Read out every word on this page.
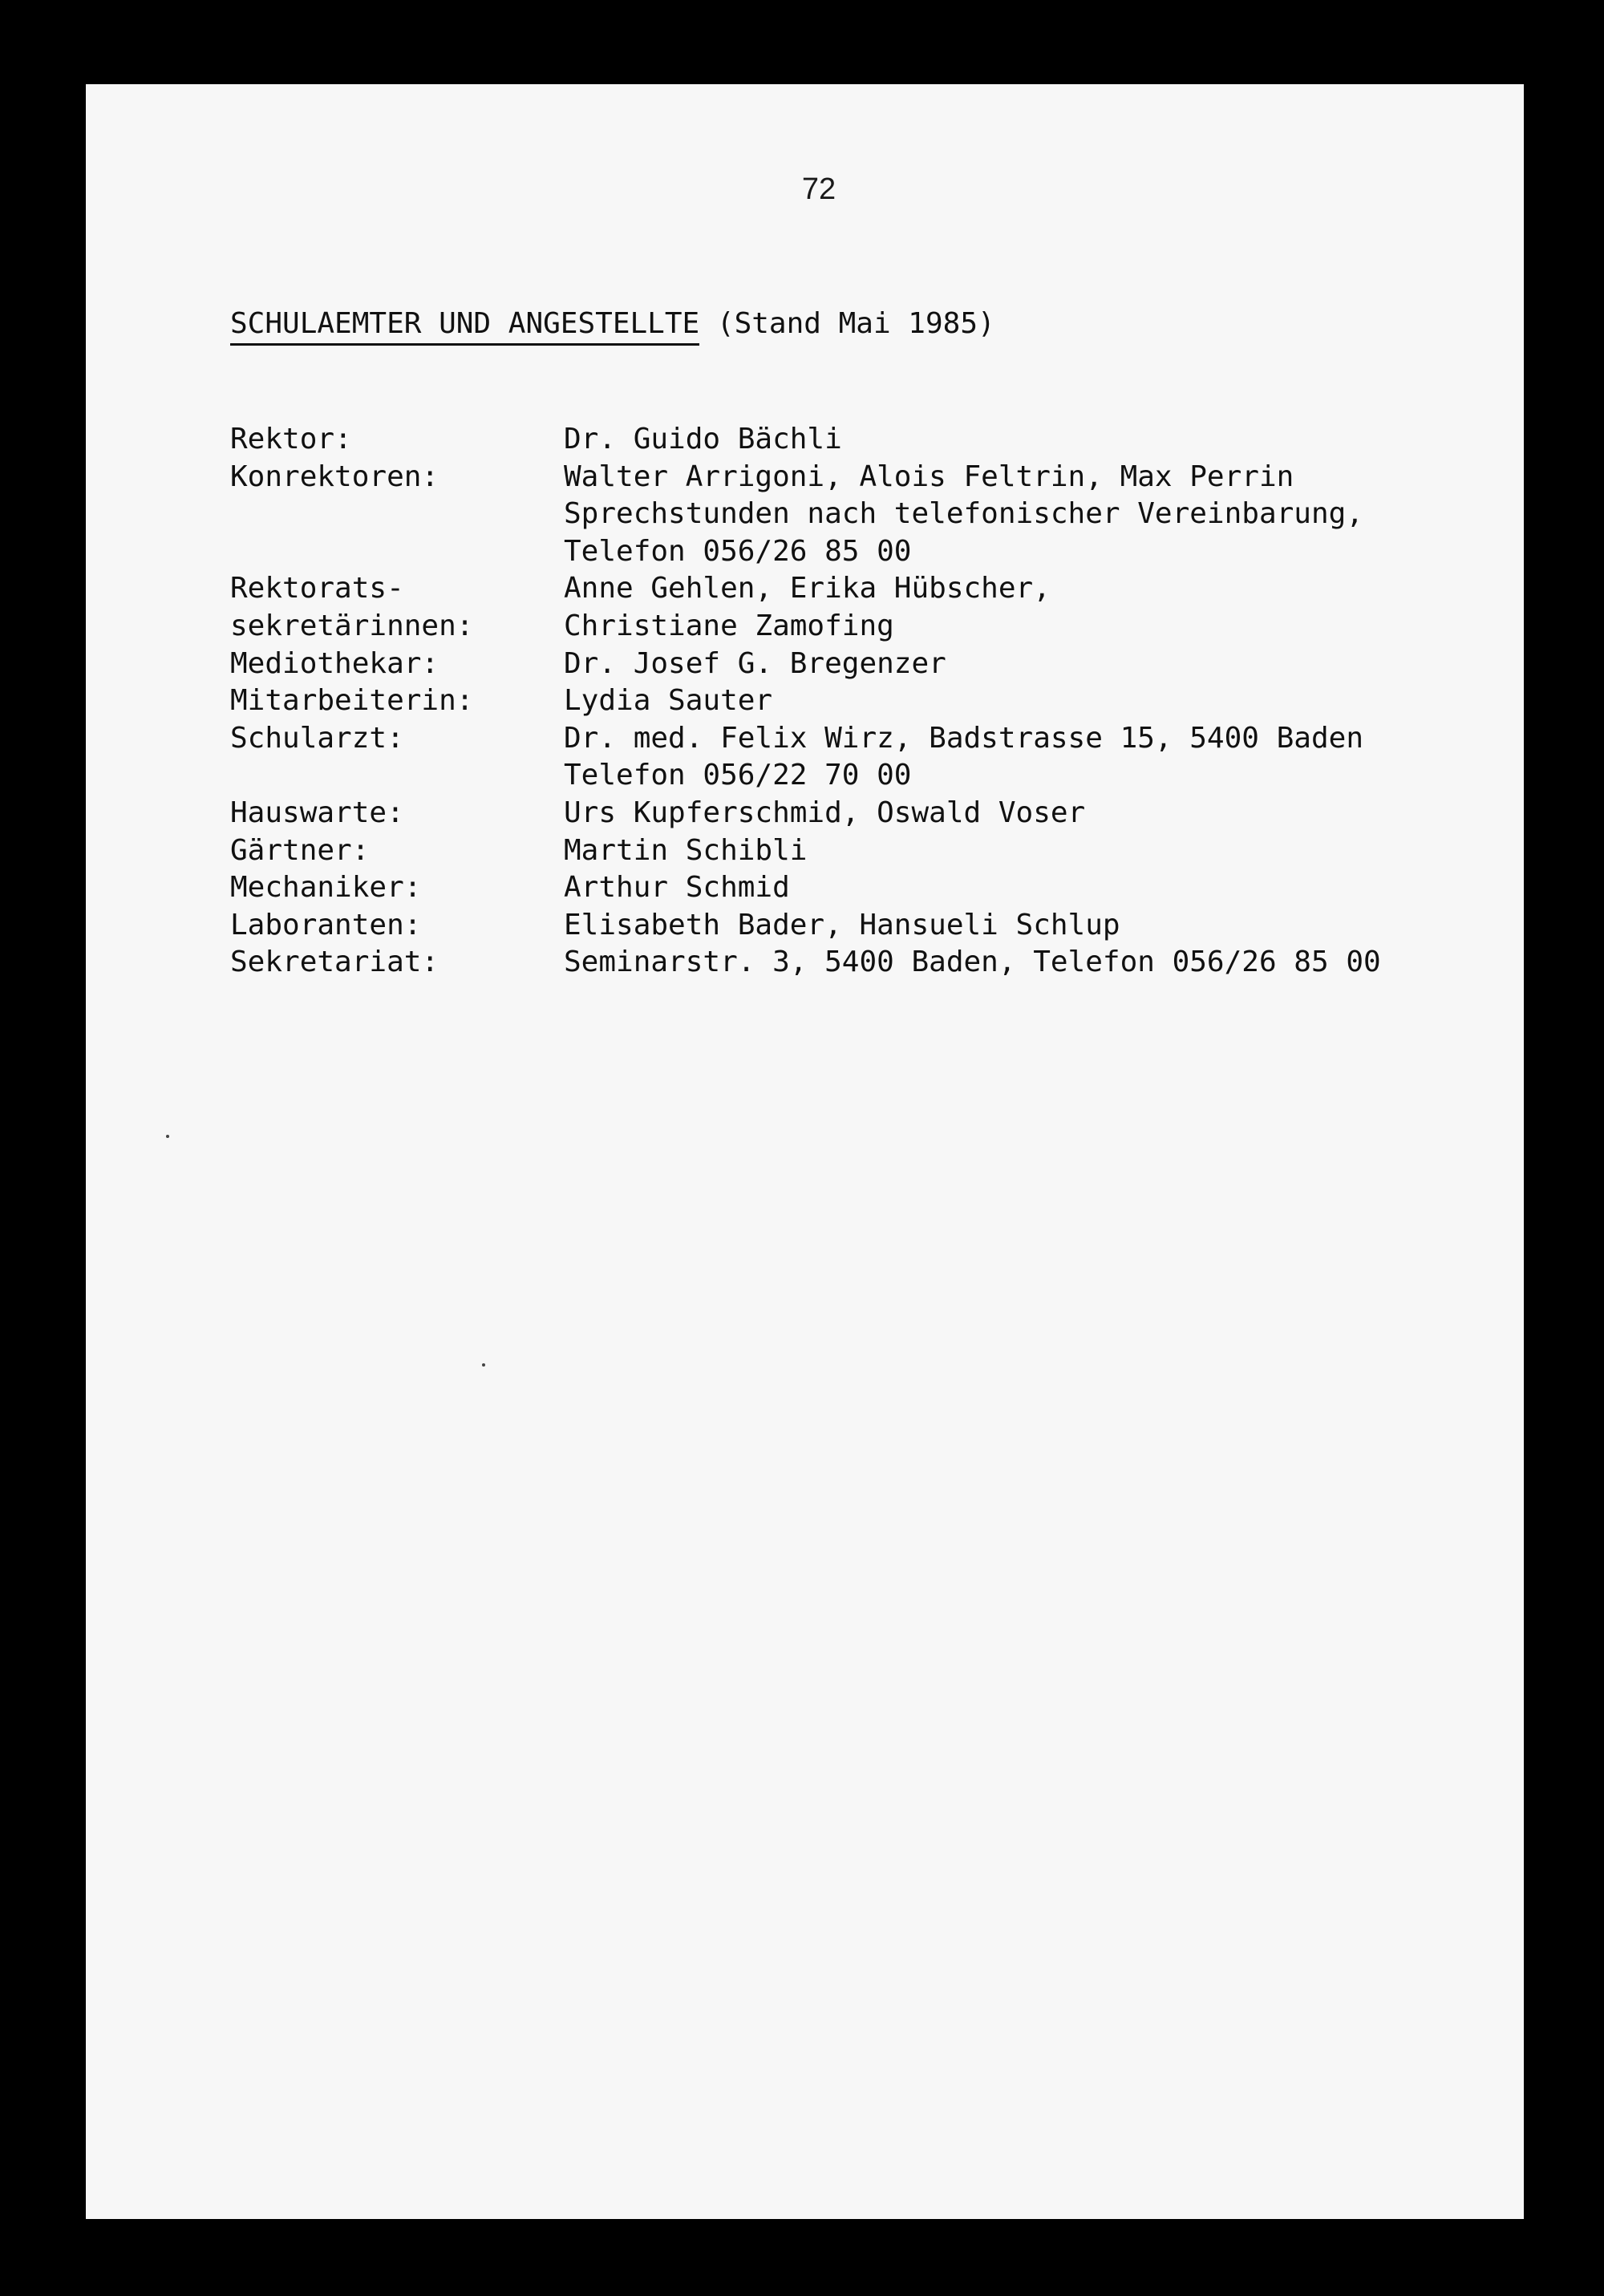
72
SCHULAEMTER UND ANGESTELLTE (Stand Mai 1985)
Rektor:	Dr. Guido Bächli
Konrektoren:	Walter Arrigoni, Alois Feltrin, Max Perrin
Sprechstunden nach telefonischer Vereinbarung,
Telefon 056/26 85 00
Rektorats-	Anne Gehlen, Erika Hübscher,
sekretärinnen:	Christiane Zamofing
Mediothekar:	Dr. Josef G. Bregenzer
Mitarbeiterin:	Lydia Sauter
Schularzt:	Dr. med. Felix Wirz, Badstrasse 15, 5400 Baden
Telefon 056/22 70 00
Hauswarte:	Urs Kupferschmid, Oswald Voser
Gärtner:	Martin Schibli
Mechaniker:	Arthur Schmid
Laboranten:	Elisabeth Bader, Hansueli Schlup
Sekretariat:	Seminarstr. 3, 5400 Baden, Telefon 056/26 85 00
